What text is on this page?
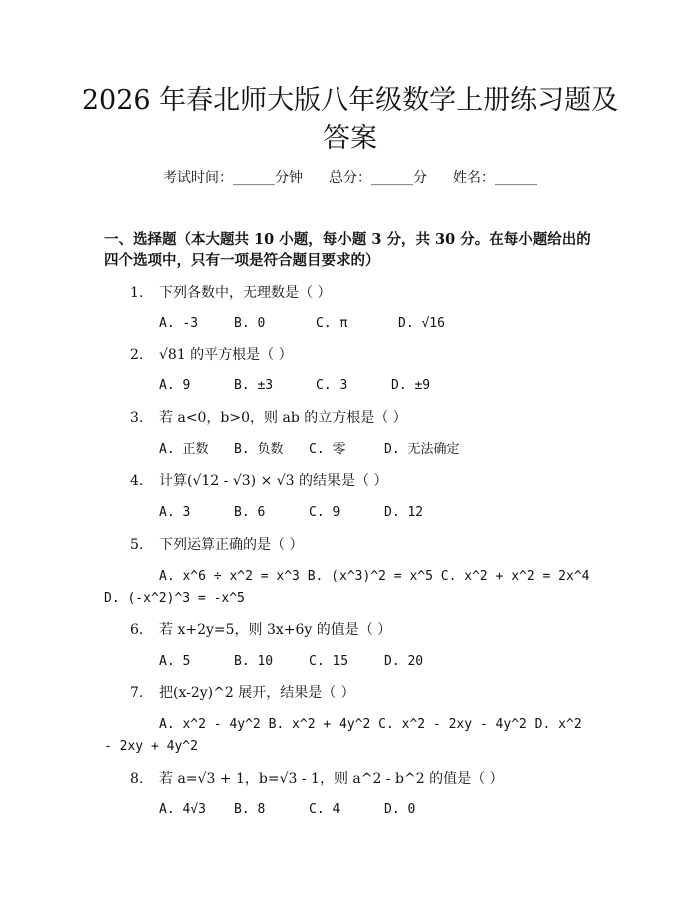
2026 年春北师大版八年级数学上册练习题及
答案
考试时间：______分钟 总分：______分 姓名：______
一、选择题（本大题共 10 小题，每小题 3 分，共 30 分。在每小题给出的四个选项中，只有一项是符合题目要求的）
1. 下列各数中，无理数是（ ）
A. -3	B. 0	C. π	D. √16
2. √81 的平方根是（ ）
A. 9	B. ±3	C. 3	D. ±9
3. 若 a<0，b>0，则 ab 的立方根是（ ）
A. 正数 B. 负数 C. 零	D. 无法确定
4. 计算(√12 - √3) × √3 的结果是（ ）
A. 3	B. 6	C. 9	D. 12
5. 下列运算正确的是（ ）
A. x^6 ÷ x^2 = x^3 B. (x^3)^2 = x^5 C. x^2 + x^2 = 2x^4
D. (-x^2)^3 = -x^5
6. 若 x+2y=5，则 3x+6y 的值是（ ）
A. 5	B. 10	C. 15	D. 20
7. 把(x-2y)^2 展开，结果是（ ）
A. x^2 - 4y^2 B. x^2 + 4y^2 C. x^2 - 2xy - 4y^2 D. x^2
- 2xy + 4y^2
8. 若 a=√3 + 1，b=√3 - 1，则 a^2 - b^2 的值是（ ）
A. 4√3 B. 8	C. 4	D. 0
